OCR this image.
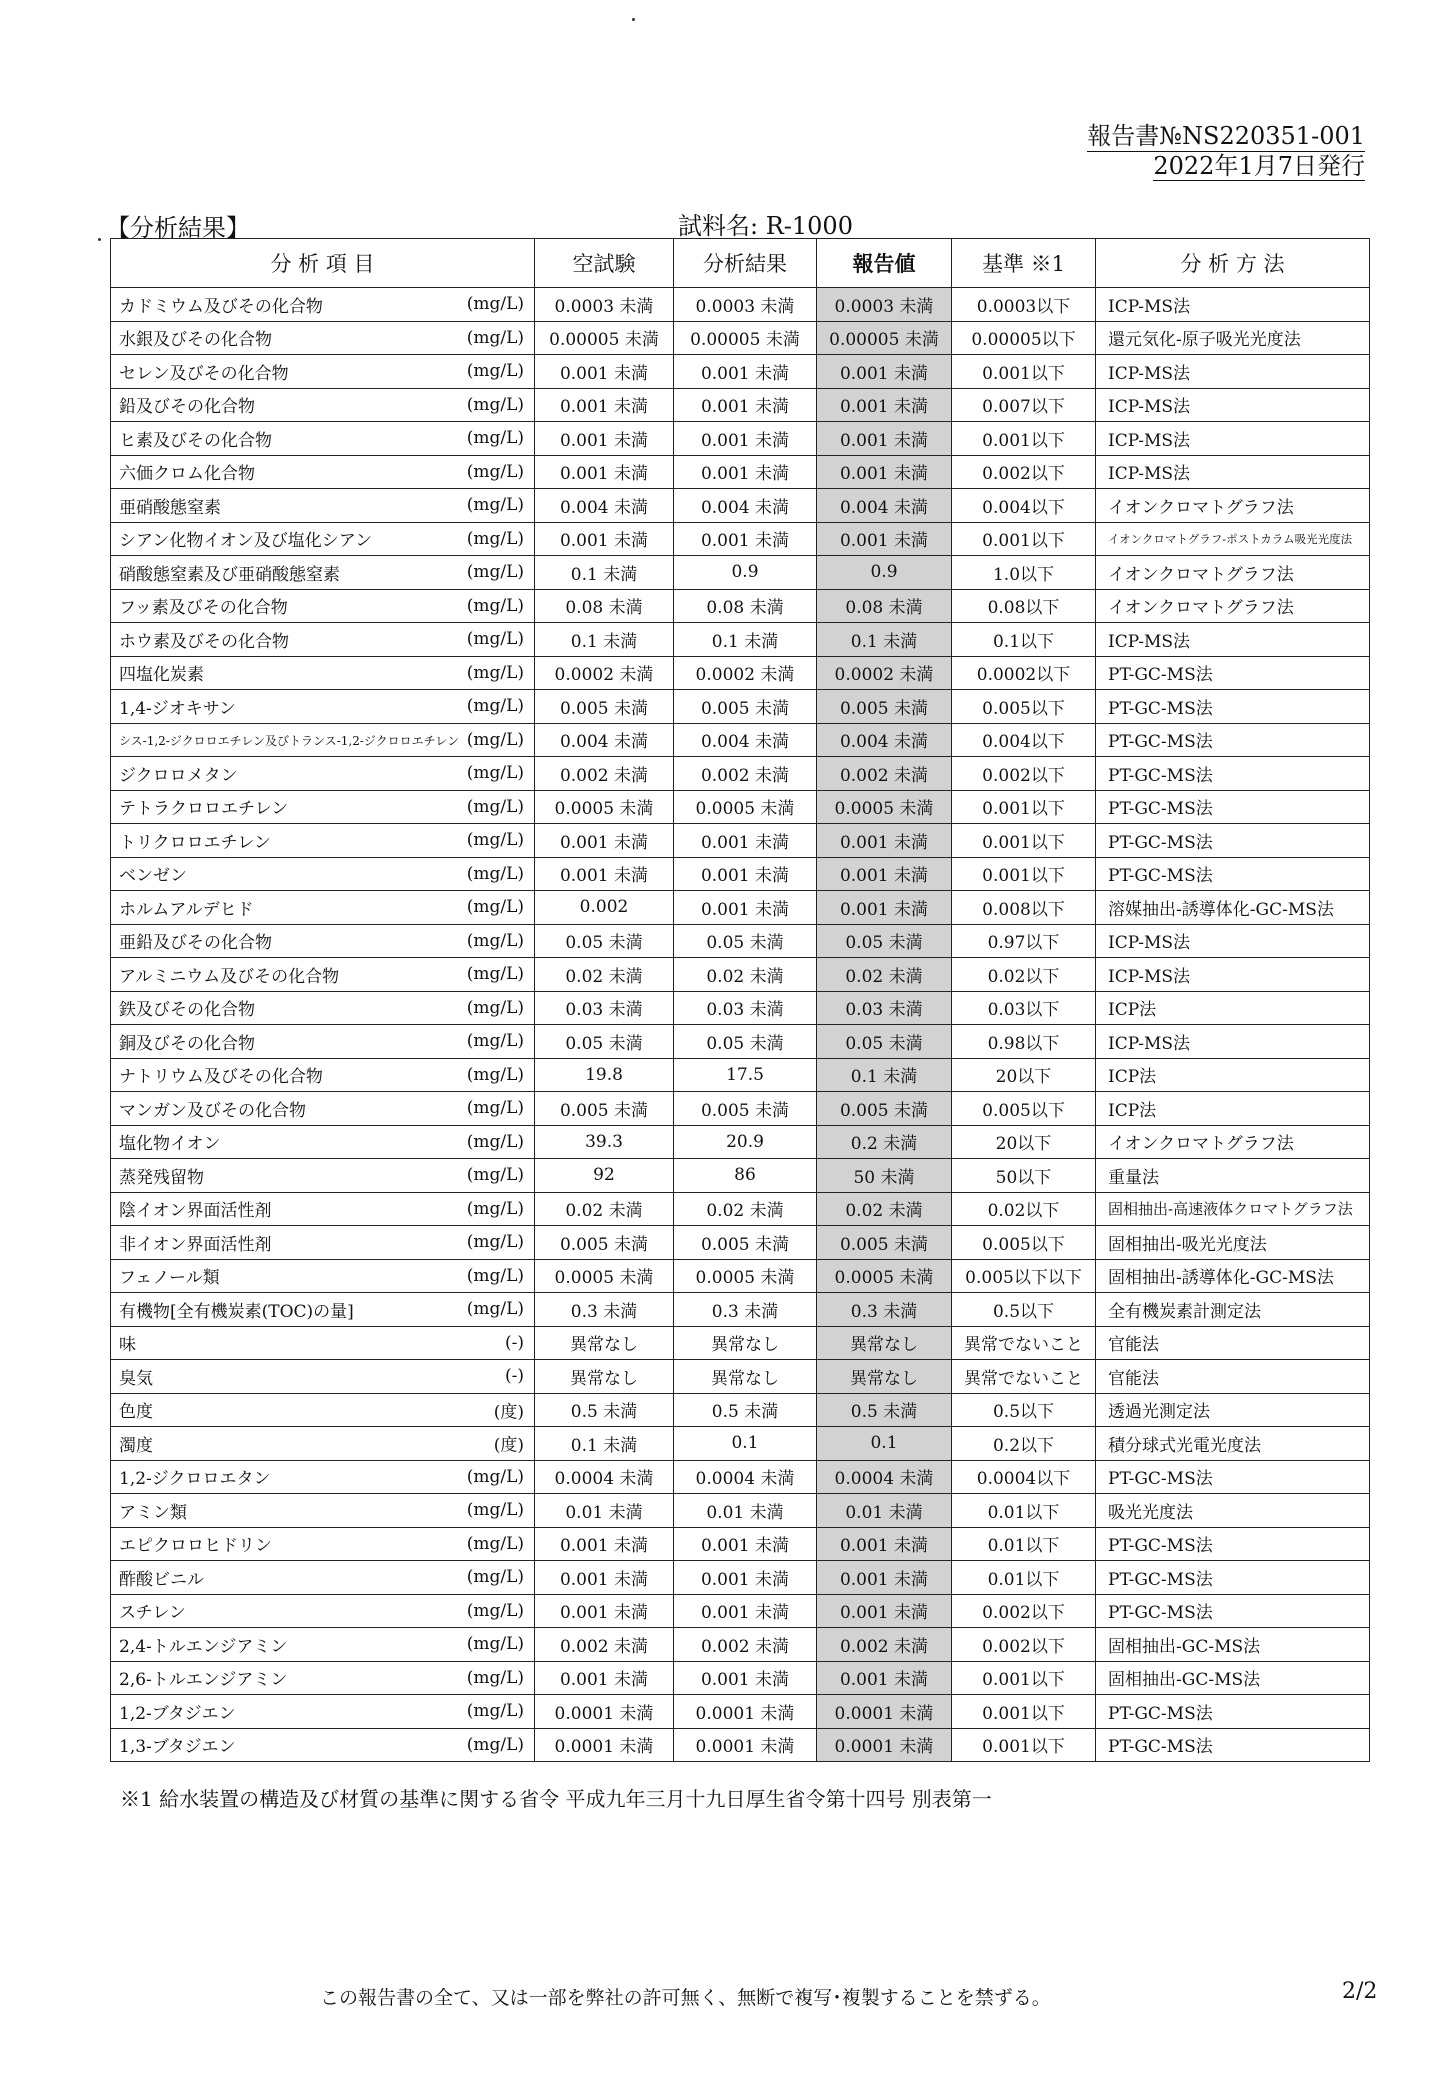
報告書№NS220351-001
2022年1月7日発行
【分析結果】	試料名: R-1000
分 析 項 目	空試験	分析結果	報告値	基準 ※1	分 析 方 法
カドミウム及びその化合物 (mg/L)	0.0003 未満	0.0003 未満	0.0003 未満	0.0003以下	ICP-MS法
水銀及びその化合物 (mg/L)	0.00005 未満	0.00005 未満	0.00005 未満	0.00005以下	還元気化-原子吸光光度法
セレン及びその化合物 (mg/L)	0.001 未満	0.001 未満	0.001 未満	0.001以下	ICP-MS法
鉛及びその化合物 (mg/L)	0.001 未満	0.001 未満	0.001 未満	0.007以下	ICP-MS法
ヒ素及びその化合物 (mg/L)	0.001 未満	0.001 未満	0.001 未満	0.001以下	ICP-MS法
六価クロム化合物 (mg/L)	0.001 未満	0.001 未満	0.001 未満	0.002以下	ICP-MS法
亜硝酸態窒素 (mg/L)	0.004 未満	0.004 未満	0.004 未満	0.004以下	イオンクロマトグラフ法
シアン化物イオン及び塩化シアン (mg/L)	0.001 未満	0.001 未満	0.001 未満	0.001以下	イオンクロマトグラフ-ポストカラム吸光光度法
硝酸態窒素及び亜硝酸態窒素 (mg/L)	0.1 未満	0.9	0.9	1.0以下	イオンクロマトグラフ法
フッ素及びその化合物 (mg/L)	0.08 未満	0.08 未満	0.08 未満	0.08以下	イオンクロマトグラフ法
ホウ素及びその化合物 (mg/L)	0.1 未満	0.1 未満	0.1 未満	0.1以下	ICP-MS法
四塩化炭素 (mg/L)	0.0002 未満	0.0002 未満	0.0002 未満	0.0002以下	PT-GC-MS法
1,4-ジオキサン (mg/L)	0.005 未満	0.005 未満	0.005 未満	0.005以下	PT-GC-MS法
シス-1,2-ジクロロエチレン及びトランス-1,2-ジクロロエチレン (mg/L)	0.004 未満	0.004 未満	0.004 未満	0.004以下	PT-GC-MS法
ジクロロメタン (mg/L)	0.002 未満	0.002 未満	0.002 未満	0.002以下	PT-GC-MS法
テトラクロロエチレン (mg/L)	0.0005 未満	0.0005 未満	0.0005 未満	0.001以下	PT-GC-MS法
トリクロロエチレン (mg/L)	0.001 未満	0.001 未満	0.001 未満	0.001以下	PT-GC-MS法
ベンゼン (mg/L)	0.001 未満	0.001 未満	0.001 未満	0.001以下	PT-GC-MS法
ホルムアルデヒド (mg/L)	0.002	0.001 未満	0.001 未満	0.008以下	溶媒抽出-誘導体化-GC-MS法
亜鉛及びその化合物 (mg/L)	0.05 未満	0.05 未満	0.05 未満	0.97以下	ICP-MS法
アルミニウム及びその化合物 (mg/L)	0.02 未満	0.02 未満	0.02 未満	0.02以下	ICP-MS法
鉄及びその化合物 (mg/L)	0.03 未満	0.03 未満	0.03 未満	0.03以下	ICP法
銅及びその化合物 (mg/L)	0.05 未満	0.05 未満	0.05 未満	0.98以下	ICP-MS法
ナトリウム及びその化合物 (mg/L)	19.8	17.5	0.1 未満	20以下	ICP法
マンガン及びその化合物 (mg/L)	0.005 未満	0.005 未満	0.005 未満	0.005以下	ICP法
塩化物イオン (mg/L)	39.3	20.9	0.2 未満	20以下	イオンクロマトグラフ法
蒸発残留物 (mg/L)	92	86	50 未満	50以下	重量法
陰イオン界面活性剤 (mg/L)	0.02 未満	0.02 未満	0.02 未満	0.02以下	固相抽出-高速液体クロマトグラフ法
非イオン界面活性剤 (mg/L)	0.005 未満	0.005 未満	0.005 未満	0.005以下	固相抽出-吸光光度法
フェノール類 (mg/L)	0.0005 未満	0.0005 未満	0.0005 未満	0.005以下以下	固相抽出-誘導体化-GC-MS法
有機物[全有機炭素(TOC)の量] (mg/L)	0.3 未満	0.3 未満	0.3 未満	0.5以下	全有機炭素計測定法
味 (-)	異常なし	異常なし	異常なし	異常でないこと	官能法
臭気 (-)	異常なし	異常なし	異常なし	異常でないこと	官能法
色度 (度)	0.5 未満	0.5 未満	0.5 未満	0.5以下	透過光測定法
濁度 (度)	0.1 未満	0.1	0.1	0.2以下	積分球式光電光度法
1,2-ジクロロエタン (mg/L)	0.0004 未満	0.0004 未満	0.0004 未満	0.0004以下	PT-GC-MS法
アミン類 (mg/L)	0.01 未満	0.01 未満	0.01 未満	0.01以下	吸光光度法
エピクロロヒドリン (mg/L)	0.001 未満	0.001 未満	0.001 未満	0.01以下	PT-GC-MS法
酢酸ビニル (mg/L)	0.001 未満	0.001 未満	0.001 未満	0.01以下	PT-GC-MS法
スチレン (mg/L)	0.001 未満	0.001 未満	0.001 未満	0.002以下	PT-GC-MS法
2,4-トルエンジアミン (mg/L)	0.002 未満	0.002 未満	0.002 未満	0.002以下	固相抽出-GC-MS法
2,6-トルエンジアミン (mg/L)	0.001 未満	0.001 未満	0.001 未満	0.001以下	固相抽出-GC-MS法
1,2-ブタジエン (mg/L)	0.0001 未満	0.0001 未満	0.0001 未満	0.001以下	PT-GC-MS法
1,3-ブタジエン (mg/L)	0.0001 未満	0.0001 未満	0.0001 未満	0.001以下	PT-GC-MS法
※1 給水装置の構造及び材質の基準に関する省令 平成九年三月十九日厚生省令第十四号 別表第一
この報告書の全て、又は一部を弊社の許可無く、無断で複写･複製することを禁ずる。	2/2
